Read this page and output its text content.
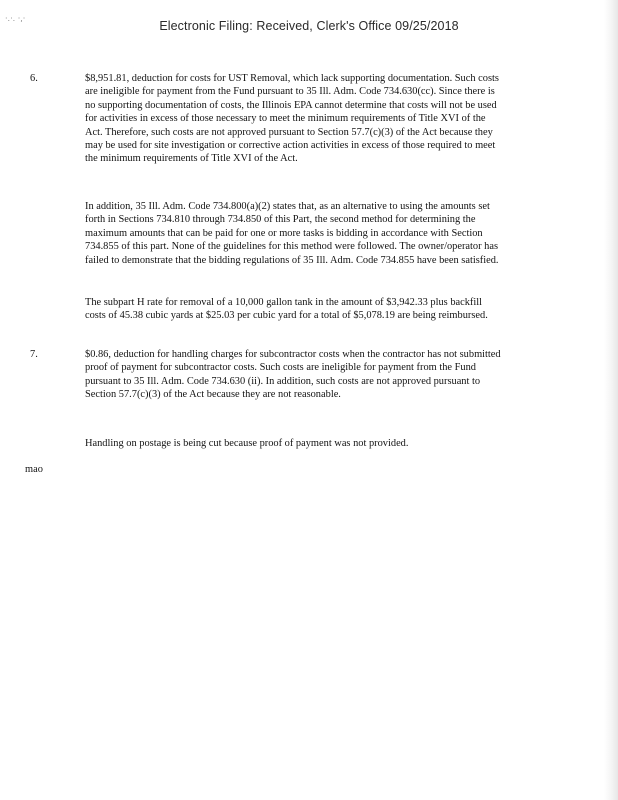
·.·. ·,·
Electronic Filing: Received, Clerk's Office 09/25/2018
6.	$8,951.81, deduction for costs for UST Removal, which lack supporting documentation. Such costs are ineligible for payment from the Fund pursuant to 35 Ill. Adm. Code 734.630(cc). Since there is no supporting documentation of costs, the Illinois EPA cannot determine that costs will not be used for activities in excess of those necessary to meet the minimum requirements of Title XVI of the Act. Therefore, such costs are not approved pursuant to Section 57.7(c)(3) of the Act because they may be used for site investigation or corrective action activities in excess of those required to meet the minimum requirements of Title XVI of the Act.

In addition, 35 Ill. Adm. Code 734.800(a)(2) states that, as an alternative to using the amounts set forth in Sections 734.810 through 734.850 of this Part, the second method for determining the maximum amounts that can be paid for one or more tasks is bidding in accordance with Section 734.855 of this part. None of the guidelines for this method were followed. The owner/operator has failed to demonstrate that the bidding regulations of 35 Ill. Adm. Code 734.855 have been satisfied.

The subpart H rate for removal of a 10,000 gallon tank in the amount of $3,942.33 plus backfill costs of 45.38 cubic yards at $25.03 per cubic yard for a total of $5,078.19 are being reimbursed.

7.	$0.86, deduction for handling charges for subcontractor costs when the contractor has not submitted proof of payment for subcontractor costs. Such costs are ineligible for payment from the Fund pursuant to 35 Ill. Adm. Code 734.630 (ii). In addition, such costs are not approved pursuant to Section 57.7(c)(3) of the Act because they are not reasonable.

Handling on postage is being cut because proof of payment was not provided.

mao
